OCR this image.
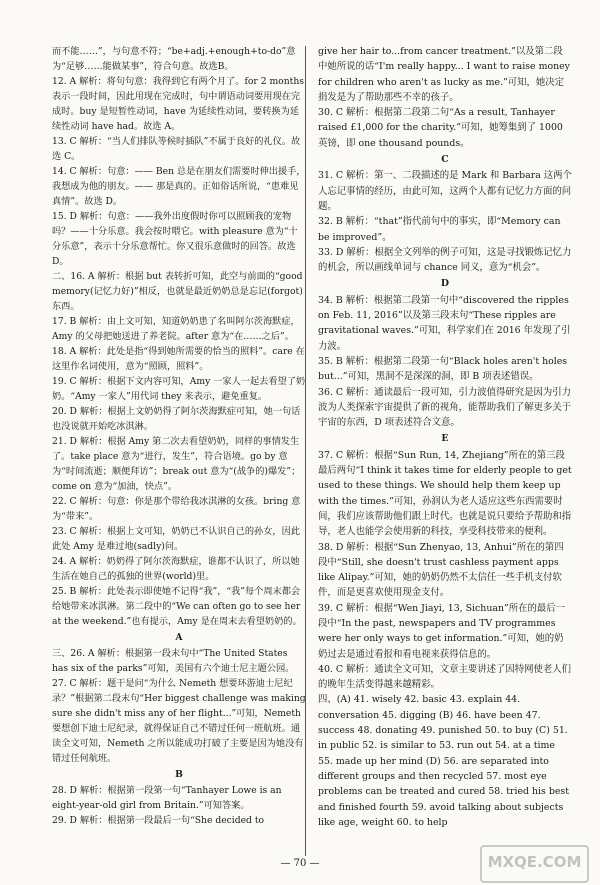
而不能……”，与句意不符；“be+adj.+enough+to-do”意为“足够……能做某事”，符合句意。故选B。

12. A 解析：将句句意：我得到它有两个月了。for 2 months 表示一段时间，因此用现在完成时，句中谓语动词要用现在完成时。buy 是短暂性动词，have 为延续性动词，要转换为延续性动词 have had。故选 A。

13. C 解析：“当人们排队等候时插队”不属于良好的礼仪。故选 C。

14. C 解析：句意：—— Ben 总是在朋友们需要时伸出援手，我想成为他的朋友。—— 那是真的。正如俗话所说，“患难见真情”。故选 D。

15. D 解析：句意：——我外出度假时你可以照顾我的宠物吗？——十分乐意。我会按时喂它。with pleasure 意为“十分乐意”，表示十分乐意帮忙。你又很乐意做时的回答。故选 D。

二、16. A 解析：根据 but 表转折可知，此空与前面的“good memory(记忆力好)”相反，也就是最近奶奶总是忘记(forgot)东西。

17. B 解析：由上文可知，知道奶奶患了名叫阿尔茨海默症，Amy 的父母把她送进了养老院。after 意为“在……之后”。

18. A 解析：此处是指“得到她所需要的恰当的照料”。care 在这里作名词使用，意为“照顾，照料”。

19. C 解析：根据下文内容可知，Amy 一家人一起去看望了奶奶。“Amy 一家人”用代词 they 来表示，避免重复。

20. D 解析：根据上文奶奶得了阿尔茨海默症可知，她一句话也没说就开始吃冰淇淋。

21. D 解析：根据 Amy 第二次去看望奶奶，同样的事情发生了。take place 意为“进行，发生”，符合语境。go by 意为“时间流逝；顺便拜访”；break out 意为“(战争的)爆发”；come on 意为“加油，快点”。

22. C 解析：句意：你是那个带给我冰淇淋的女孩。bring 意为“带来”。

23. C 解析：根据上文可知，奶奶已不认识自己的孙女，因此此处 Amy 是难过地(sadly)问。

24. A 解析：奶奶得了阿尔茨海默症，谁都不认识了，所以她生活在她自己的孤独的世界(world)里。

25. B 解析：此处表示即使她不记得“我”，“我”每个周末都会给她带来冰淇淋。第二段中的“We can often go to see her at the weekend.”也有提示，Amy 是在周末去看望奶奶的。

A

三、26. A 解析：根据第一段末句中“The United States has six of the parks”可知，美国有六个迪士尼主题公园。

27. C 解析：题干是问“为什么 Nemeth 想要环游迪士尼纪录？”根据第二段末句“Her biggest challenge was making sure she didn't miss any of her flight...”可知，Nemeth 要想创下迪士尼纪录，就得保证自己不错过任何一班航班。通读全文可知，Nemeth 之所以能成功打破了主要是因为她没有错过任何航班。

B

28. D 解析：根据第一段第一句“Tanhayer Lowe is an eight-year-old girl from Britain.”可知答案。

29. D 解析：根据第一段最后一句“She decided to

give her hair to...from cancer treatment.”以及第二段中她所说的话“I'm really happy... I want to raise money for children who aren't as lucky as me.”可知，她决定捐发是为了帮助那些不幸的孩子。

30. C 解析：根据第二段第二句“As a result, Tanhayer raised £1,000 for the charity.”可知，她筹集到了 1000 英镑，即 one thousand pounds。

C

31. C 解析：第一、二段描述的是 Mark 和 Barbara 这两个人忘记事情的经历，由此可知，这两个人都有记忆力方面的问题。

32. B 解析：“that”指代前句中的事实，即“Memory can be improved”。

33. D 解析：根据全文列举的例子可知，这是寻找锻炼记忆力的机会，所以画线单词与 chance 同义，意为“机会”。

D

34. B 解析：根据第二段第一句中“discovered the ripples on Feb. 11, 2016”以及第三段末句“These ripples are gravitational waves.”可知，科学家们在 2016 年发现了引力波。

35. B 解析：根据第二段第一句“Black holes aren't holes but...”可知，黑洞不是深深的洞，即 B 项表述错误。

36. C 解析：通读最后一段可知，引力波值得研究是因为引力波为人类探索宇宙提供了新的视角，能帮助我们了解更多关于宇宙的东西，D 项表述符合文意。

E

37. C 解析：根据“Sun Run, 14, Zhejiang”所在的第三段最后两句“I think it takes time for elderly people to get used to these things. We should help them keep up with the times.”可知，孙润认为老人适应这些东西需要时间，我们应该帮助他们跟上时代。也就是说只要给予帮助和指导，老人也能学会使用新的科技，享受科技带来的便利。

38. D 解析：根据“Sun Zhenyao, 13, Anhui”所在的第四段中“Still, she doesn't trust cashless payment apps like Alipay.”可知，她的奶奶仍然不太信任一些手机支付软件，而是更喜欢使用现金支付。

39. C 解析：根据“Wen Jiayi, 13, Sichuan”所在的最后一段中“In the past, newspapers and TV programmes were her only ways to get information.”可知，她的奶奶过去是通过看报和看电视来获得信息的。

40. C 解析：通读全文可知，文章主要讲述了因特网使老人们的晚年生活变得越来越精彩。

四、(A) 41. wisely 42. basic 43. explain 44. conversation 45. digging (B) 46. have been 47. success 48. donating 49. punished 50. to buy (C) 51. in public 52. is similar to 53. run out 54. at a time 55. made up her mind (D) 56. are separated into different groups and then recycled 57. most eye problems can be treated and cured 58. tried his best and finished fourth 59. avoid talking about subjects like age, weight 60. to help

— 70 —	MXQE.COM
